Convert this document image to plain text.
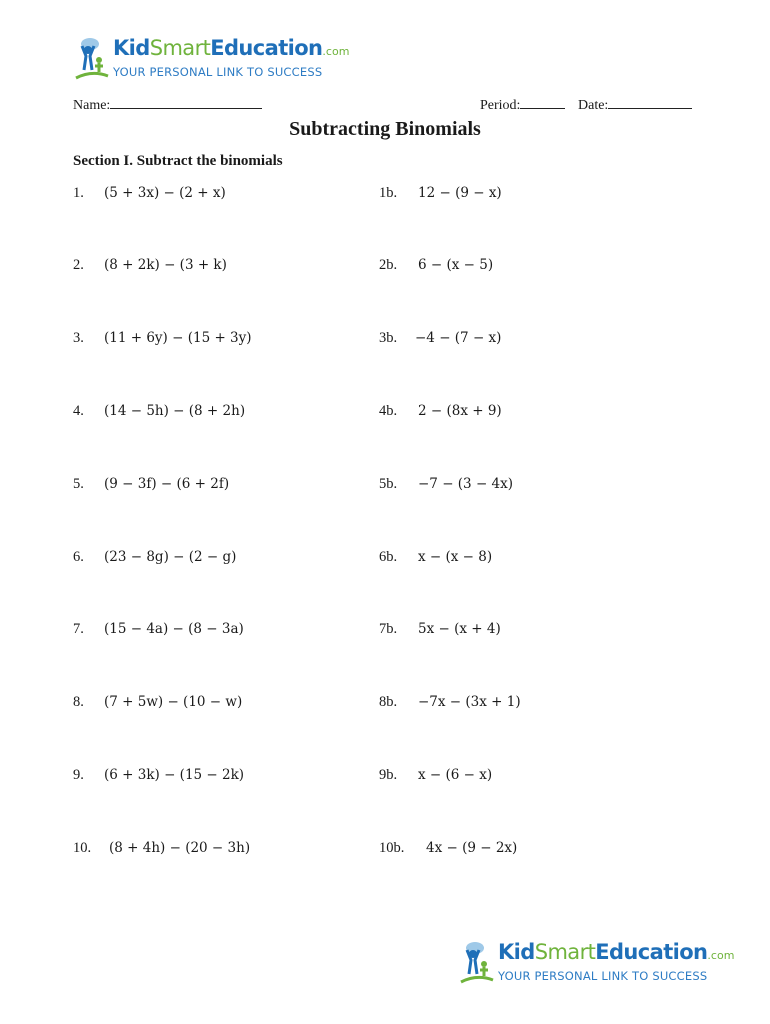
KidSmartEducation.com
YOUR PERSONAL LINK TO SUCCESS
Name:	Period:	Date:
Subtracting Binomials
Section I. Subtract the binomials
1. (5 + 3x) − (2 + x)
2. (8 + 2k) − (3 + k)
3. (11 + 6y) − (15 + 3y)
4. (14 − 5h) − (8 + 2h)
5. (9 − 3f) − (6 + 2f)
6. (23 − 8g) − (2 − g)
7. (15 − 4a) − (8 − 3a)
8. (7 + 5w) − (10 − w)
9. (6 + 3k) − (15 − 2k)
10. (8 + 4h) − (20 − 3h)
1b. 12 − (9 − x)
2b. 6 − (x − 5)
3b. −4 − (7 − x)
4b. 2 − (8x + 9)
5b. −7 − (3 − 4x)
6b. x − (x − 8)
7b. 5x − (x + 4)
8b. −7x − (3x + 1)
9b. x − (6 − x)
10b. 4x − (9 − 2x)
KidSmartEducation.com
YOUR PERSONAL LINK TO SUCCESS
